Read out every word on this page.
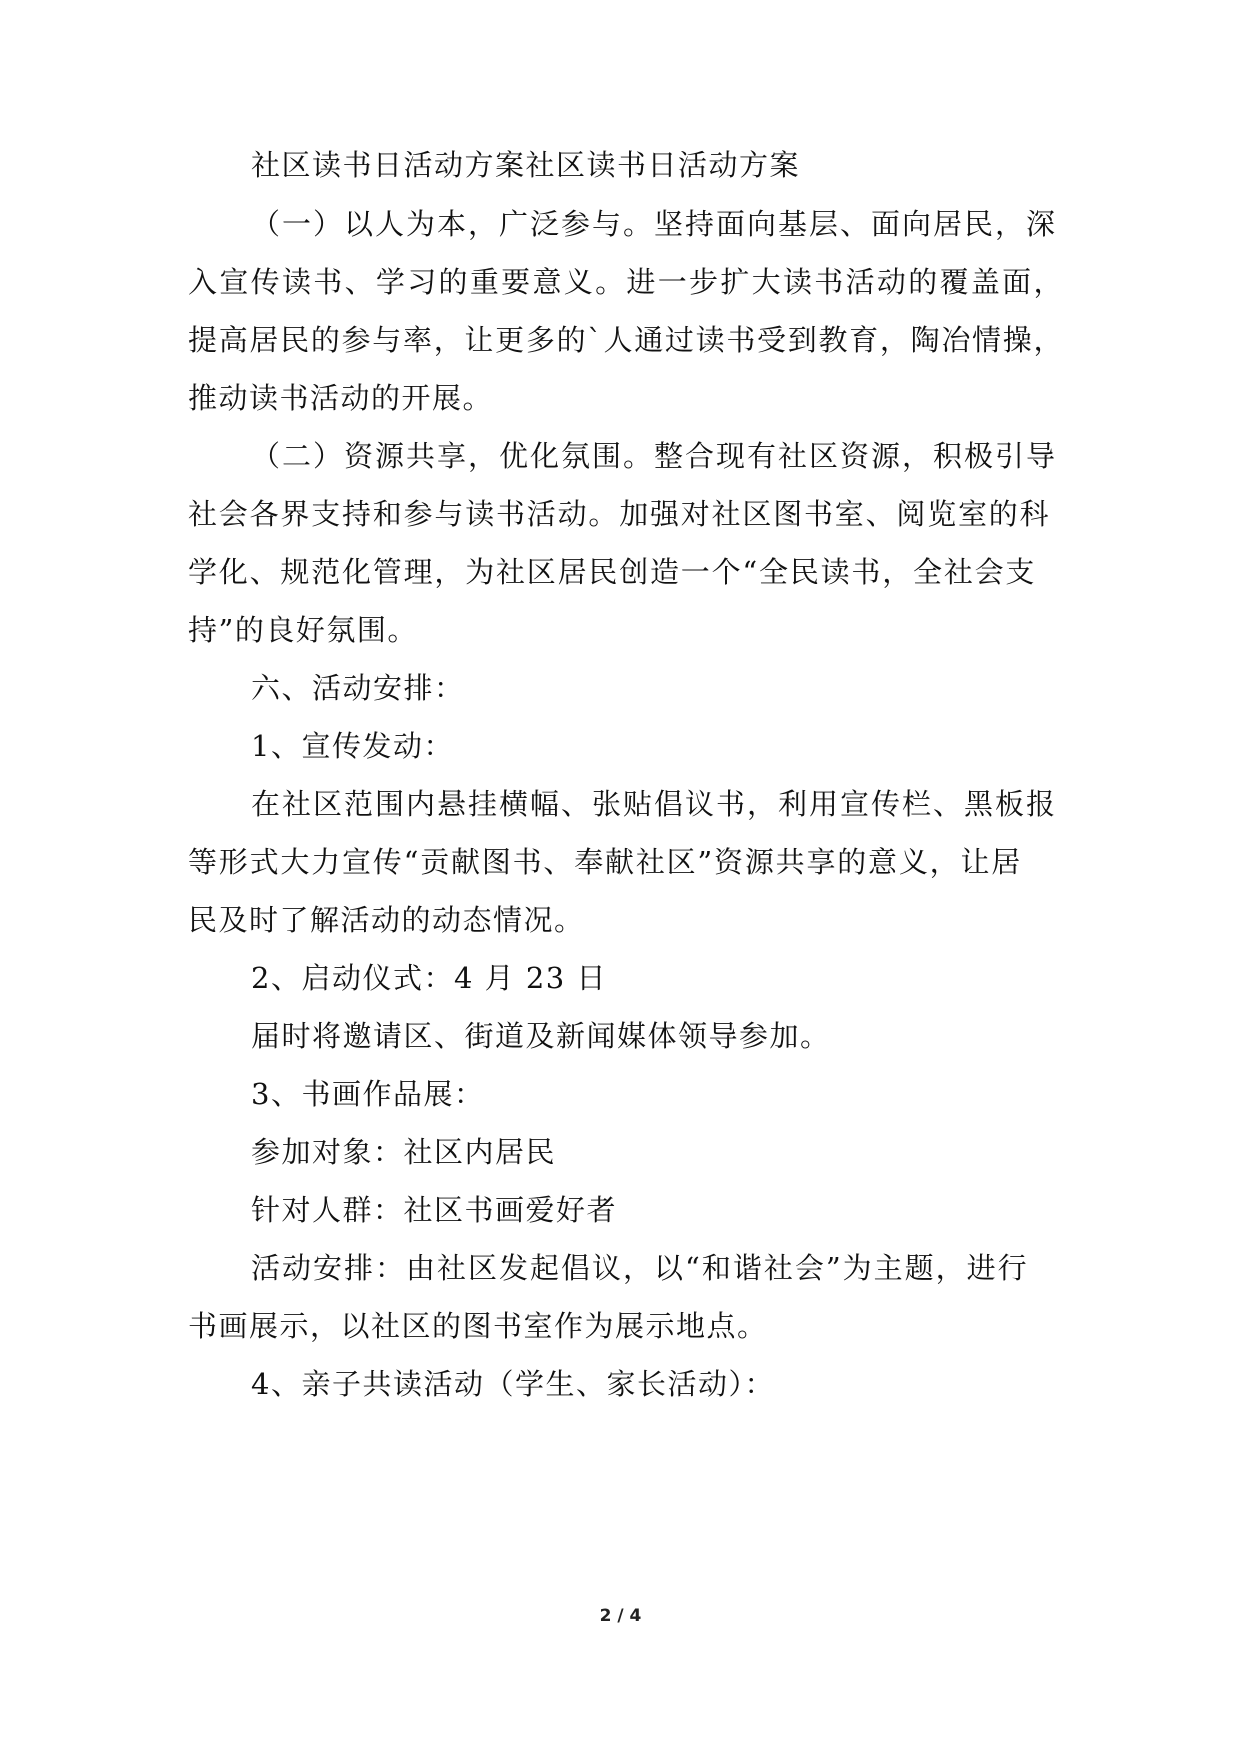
社区读书日活动方案社区读书日活动方案
（一）以人为本，广泛参与。坚持面向基层、面向居民，深
入宣传读书、学习的重要意义。进一步扩大读书活动的覆盖面，
提高居民的参与率，让更多的`人通过读书受到教育，陶冶情操，
推动读书活动的开展。
（二）资源共享，优化氛围。整合现有社区资源，积极引导
社会各界支持和参与读书活动。加强对社区图书室、阅览室的科
学化、规范化管理，为社区居民创造一个“全民读书，全社会支
持”的良好氛围。
六、活动安排：
1、宣传发动：
在社区范围内悬挂横幅、张贴倡议书，利用宣传栏、黑板报
等形式大力宣传“贡献图书、奉献社区”资源共享的意义，让居
民及时了解活动的动态情况。
2、启动仪式：4 月 23 日
届时将邀请区、街道及新闻媒体领导参加。
3、书画作品展：
参加对象：社区内居民
针对人群：社区书画爱好者
活动安排：由社区发起倡议，以“和谐社会”为主题，进行
书画展示，以社区的图书室作为展示地点。
4、亲子共读活动（学生、家长活动）：
2 / 4
